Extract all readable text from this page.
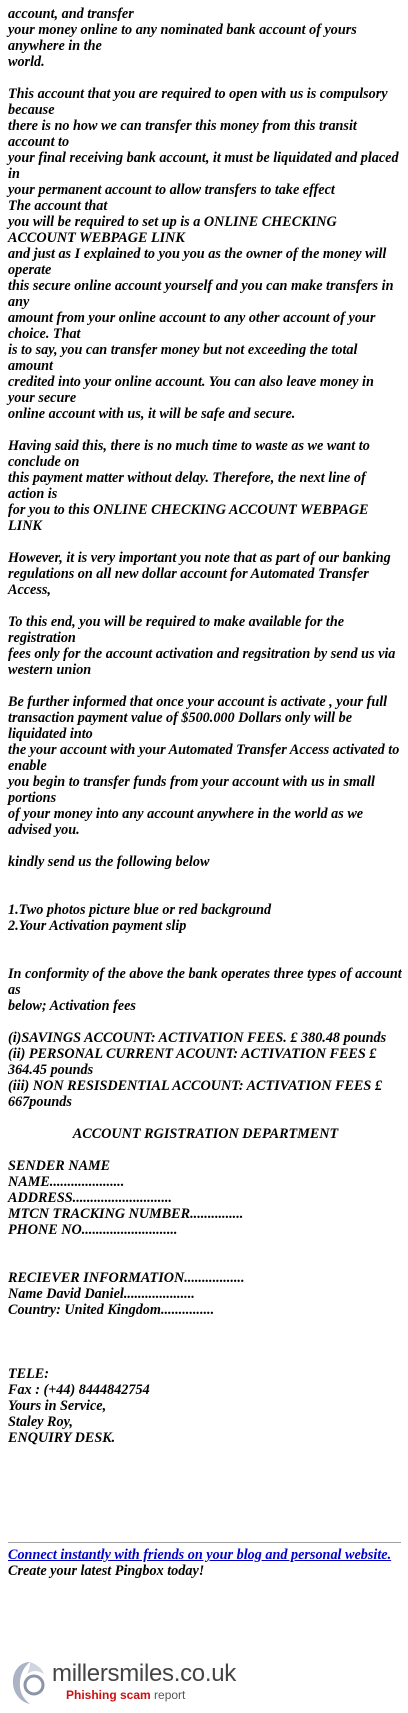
account, and transfer
your money online to any nominated bank account of yours anywhere in the
world.

This account that you are required to open with us is compulsory because
there is no how we can transfer this money from this transit account to
your final receiving bank account, it must be liquidated and placed in
your permanent account to allow transfers to take effect
The account that
you will be required to set up is a ONLINE CHECKING ACCOUNT WEBPAGE LINK
and just as I explained to you you as the owner of the money will operate
this secure online account yourself and you can make transfers in any
amount from your online account to any other account of your choice. That
is to say, you can transfer money but not exceeding the total amount
credited into your online account. You can also leave money in your secure
online account with us, it will be safe and secure.

Having said this, there is no much time to waste as we want to conclude on
this payment matter without delay. Therefore, the next line of action is
for you to this ONLINE CHECKING ACCOUNT WEBPAGE LINK

However, it is very important you note that as part of our banking
regulations on all new dollar account for Automated Transfer Access,

To this end, you will be required to make available for the registration
fees only for the account activation and regsitration by send us via
western union

Be further informed that once your account is activate , your full
transaction payment value of $500.000 Dollars only will be liquidated into
the your account with your Automated Transfer Access activated to enable
you begin to transfer funds from your account with us in small portions
of your money into any account anywhere in the world as we advised you.

kindly send us the following below

1.Two photos picture blue or red background
2.Your Activation payment slip

In conformity of the above the bank operates three types of account as
below; Activation fees

(i)SAVINGS ACCOUNT: ACTIVATION FEES. £ 380.48 pounds
(ii) PERSONAL CURRENT ACOUNT: ACTIVATION FEES £ 364.45 pounds
(iii) NON RESISDENTIAL ACCOUNT: ACTIVATION FEES £ 667pounds

ACCOUNT RGISTRATION DEPARTMENT

SENDER NAME
NAME.....................
ADDRESS............................
MTCN TRACKING NUMBER...............
PHONE NO...........................

RECIEVER INFORMATION.................
Name David Daniel....................
Country: United Kingdom...............

TELE:
Fax : (+44) 8444842754
Yours in Service,
Staley Roy,
ENQUIRY DESK.

Connect instantly with friends on your blog and personal website.
Create your latest Pingbox today!

millersmiles.co.uk
Phishing scam report
